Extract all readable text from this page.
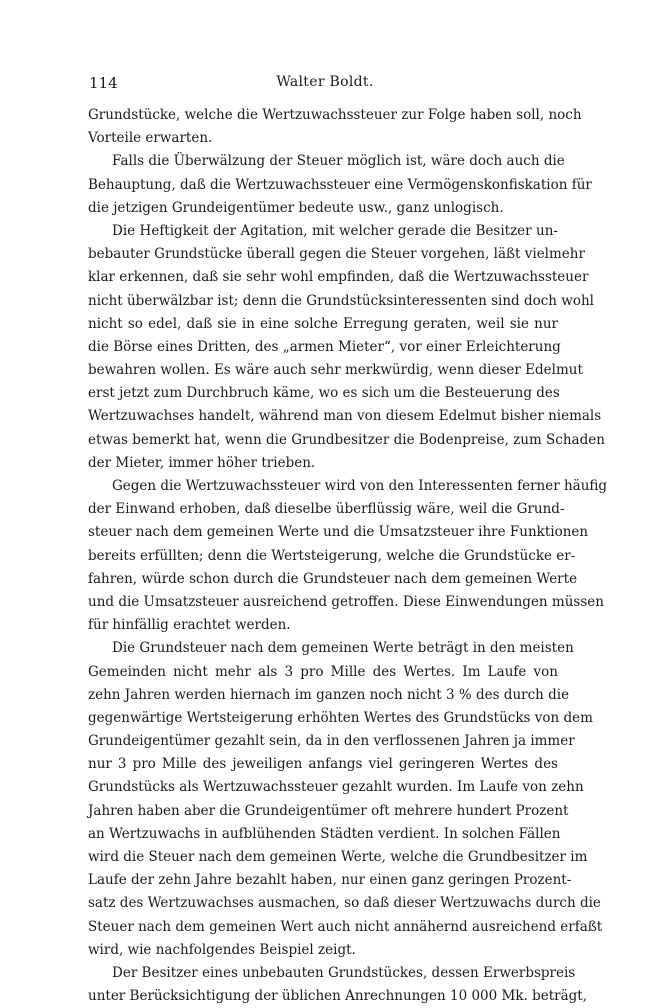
114	Walter Boldt.
Grundstücke, welche die Wertzuwachssteuer zur Folge haben soll, noch
Vorteile erwarten.
Falls die Überwälzung der Steuer möglich ist, wäre doch auch die
Behauptung, daß die Wertzuwachssteuer eine Vermögenskonfiskation für
die jetzigen Grundeigentümer bedeute usw., ganz unlogisch.
Die Heftigkeit der Agitation, mit welcher gerade die Besitzer un-
bebauter Grundstücke überall gegen die Steuer vorgehen, läßt vielmehr
klar erkennen, daß sie sehr wohl empfinden, daß die Wertzuwachssteuer
nicht überwälzbar ist; denn die Grundstücksinteressenten sind doch wohl
nicht so edel, daß sie in eine solche Erregung geraten, weil sie nur
die Börse eines Dritten, des „armen Mieter“, vor einer Erleichterung
bewahren wollen. Es wäre auch sehr merkwürdig, wenn dieser Edelmut
erst jetzt zum Durchbruch käme, wo es sich um die Besteuerung des
Wertzuwachses handelt, während man von diesem Edelmut bisher niemals
etwas bemerkt hat, wenn die Grundbesitzer die Bodenpreise, zum Schaden
der Mieter, immer höher trieben.
Gegen die Wertzuwachssteuer wird von den Interessenten ferner häufig
der Einwand erhoben, daß dieselbe überflüssig wäre, weil die Grund-
steuer nach dem gemeinen Werte und die Umsatzsteuer ihre Funktionen
bereits erfüllten; denn die Wertsteigerung, welche die Grundstücke er-
fahren, würde schon durch die Grundsteuer nach dem gemeinen Werte
und die Umsatzsteuer ausreichend getroffen. Diese Einwendungen müssen
für hinfällig erachtet werden.
Die Grundsteuer nach dem gemeinen Werte beträgt in den meisten
Gemeinden nicht mehr als 3 pro Mille des Wertes. Im Laufe von
zehn Jahren werden hiernach im ganzen noch nicht 3 % des durch die
gegenwärtige Wertsteigerung erhöhten Wertes des Grundstücks von dem
Grundeigentümer gezahlt sein, da in den verflossenen Jahren ja immer
nur 3 pro Mille des jeweiligen anfangs viel geringeren Wertes des
Grundstücks als Wertzuwachssteuer gezahlt wurden. Im Laufe von zehn
Jahren haben aber die Grundeigentümer oft mehrere hundert Prozent
an Wertzuwachs in aufblühenden Städten verdient. In solchen Fällen
wird die Steuer nach dem gemeinen Werte, welche die Grundbesitzer im
Laufe der zehn Jahre bezahlt haben, nur einen ganz geringen Prozent-
satz des Wertzuwachses ausmachen, so daß dieser Wertzuwachs durch die
Steuer nach dem gemeinen Wert auch nicht annähernd ausreichend erfaßt
wird, wie nachfolgendes Beispiel zeigt.
Der Besitzer eines unbebauten Grundstückes, dessen Erwerbspreis
unter Berücksichtigung der üblichen Anrechnungen 10 000 Mk. beträgt,
